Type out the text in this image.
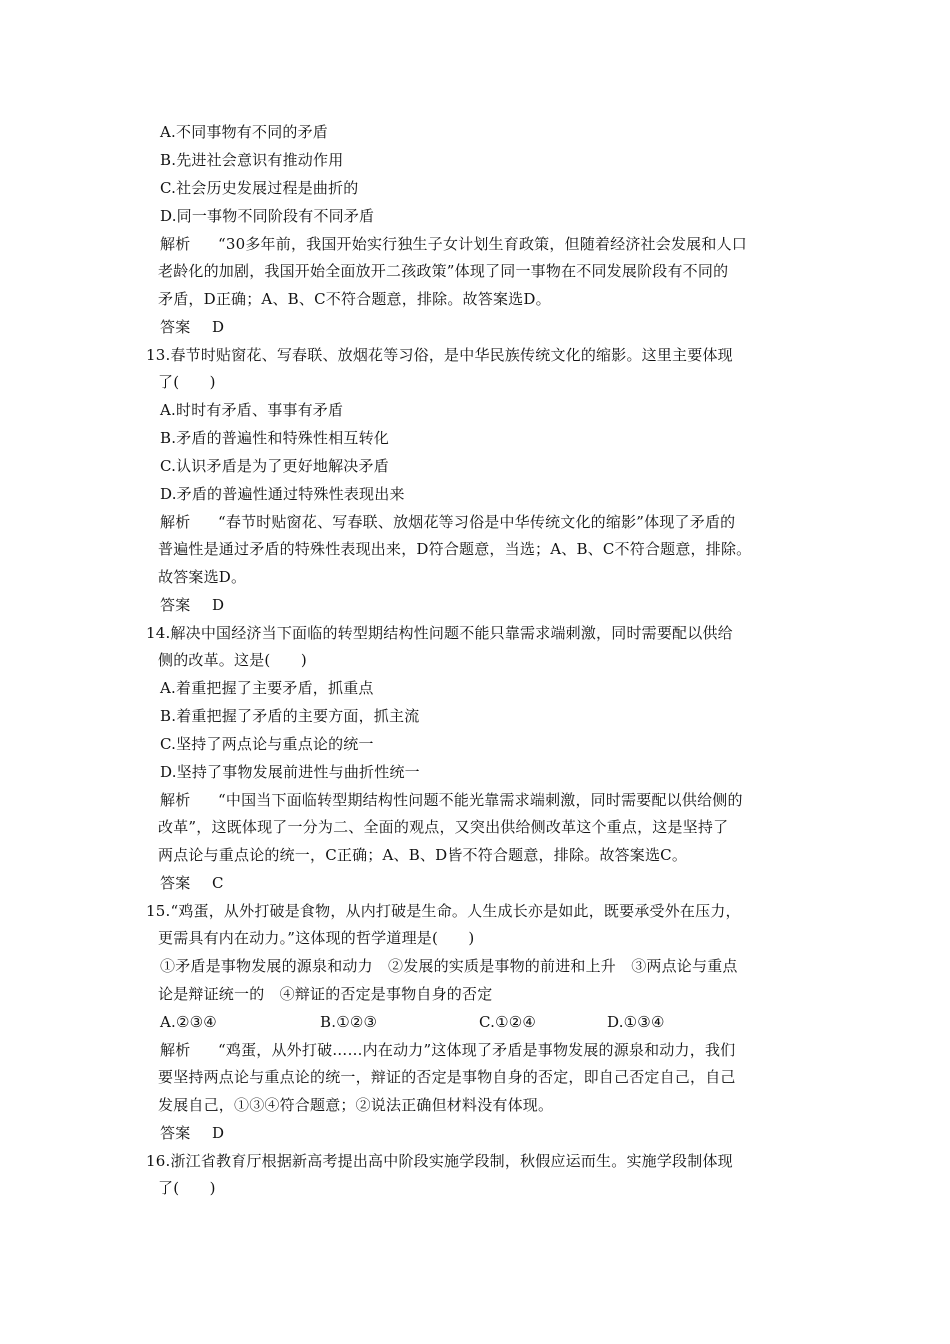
A.不同事物有不同的矛盾
B.先进社会意识有推动作用
C.社会历史发展过程是曲折的
D.同一事物不同阶段有不同矛盾
解析 “30多年前，我国开始实行独生子女计划生育政策，但随着经济社会发展和人口
老龄化的加剧，我国开始全面放开二孩政策”体现了同一事物在不同发展阶段有不同的
矛盾，D正确；A、B、C不符合题意，排除。故答案选D。
答案 D
13.春节时贴窗花、写春联、放烟花等习俗，是中华民族传统文化的缩影。这里主要体现
了(　　)
A.时时有矛盾、事事有矛盾
B.矛盾的普遍性和特殊性相互转化
C.认识矛盾是为了更好地解决矛盾
D.矛盾的普遍性通过特殊性表现出来
解析 “春节时贴窗花、写春联、放烟花等习俗是中华传统文化的缩影”体现了矛盾的
普遍性是通过矛盾的特殊性表现出来，D符合题意，当选；A、B、C不符合题意，排除。
故答案选D。
答案 D
14.解决中国经济当下面临的转型期结构性问题不能只靠需求端刺激，同时需要配以供给
侧的改革。这是(　　)
A.着重把握了主要矛盾，抓重点
B.着重把握了矛盾的主要方面，抓主流
C.坚持了两点论与重点论的统一
D.坚持了事物发展前进性与曲折性统一
解析 “中国当下面临转型期结构性问题不能光靠需求端刺激，同时需要配以供给侧的
改革”，这既体现了一分为二、全面的观点，又突出供给侧改革这个重点，这是坚持了
两点论与重点论的统一，C正确；A、B、D皆不符合题意，排除。故答案选C。
答案 C
15.“鸡蛋，从外打破是食物，从内打破是生命。人生成长亦是如此，既要承受外在压力，
更需具有内在动力。”这体现的哲学道理是(　　)
①矛盾是事物发展的源泉和动力　②发展的实质是事物的前进和上升　③两点论与重点
论是辩证统一的　④辩证的否定是事物自身的否定
A.②③④	B.①②③	C.①②④	D.①③④
解析 “鸡蛋，从外打破……内在动力”这体现了矛盾是事物发展的源泉和动力，我们
要坚持两点论与重点论的统一，辩证的否定是事物自身的否定，即自己否定自己，自己
发展自己，①③④符合题意；②说法正确但材料没有体现。
答案 D
16.浙江省教育厅根据新高考提出高中阶段实施学段制，秋假应运而生。实施学段制体现
了(　　)
